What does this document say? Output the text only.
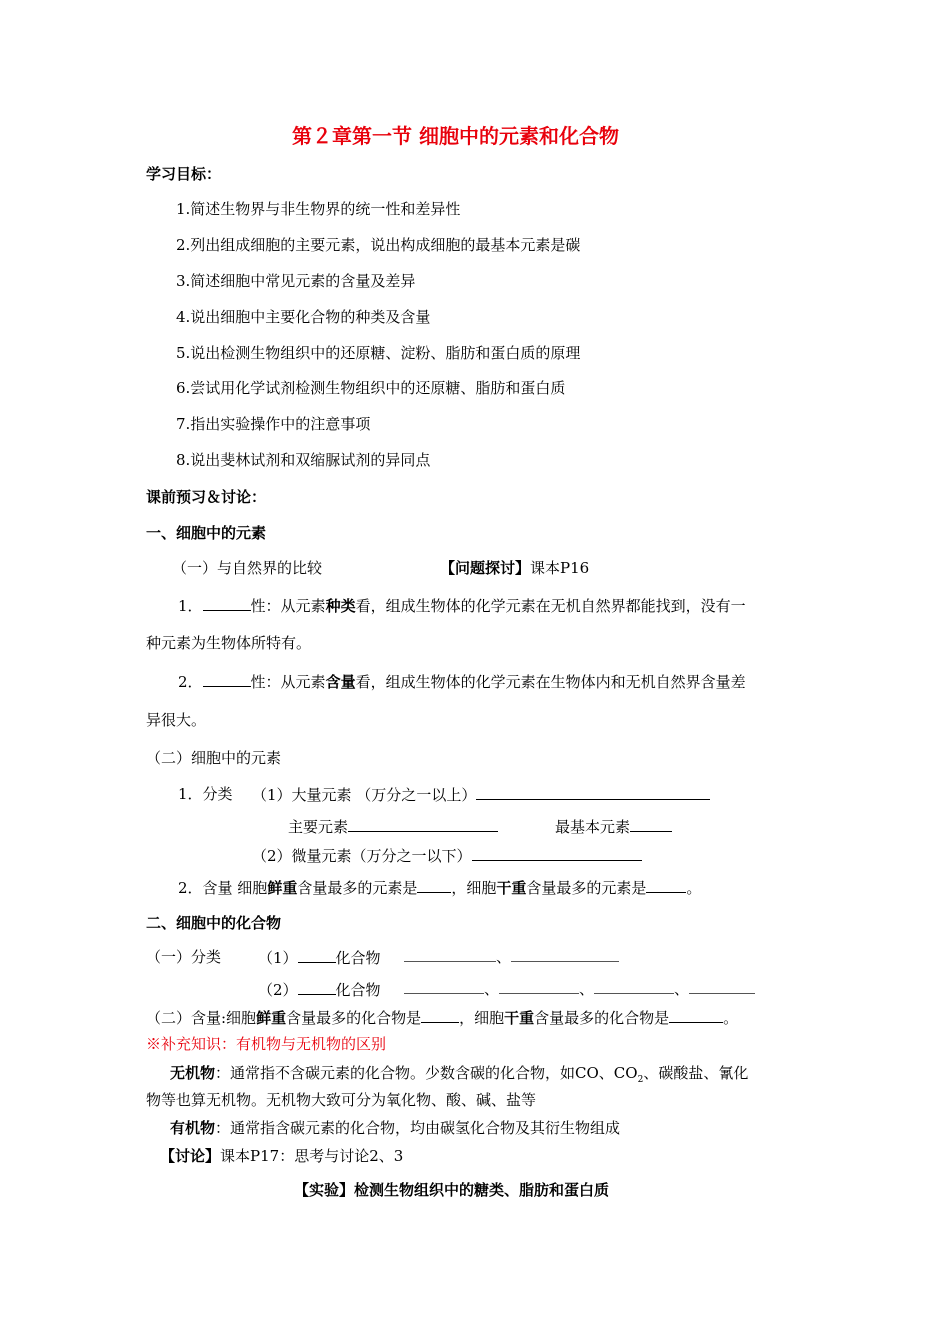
第２章第一节 细胞中的元素和化合物
学习目标：
1.简述生物界与非生物界的统一性和差异性
2.列出组成细胞的主要元素，说出构成细胞的最基本元素是碳
3.简述细胞中常见元素的含量及差异
4.说出细胞中主要化合物的种类及含量
5.说出检测生物组织中的还原糖、淀粉、脂肪和蛋白质的原理
6.尝试用化学试剂检测生物组织中的还原糖、脂肪和蛋白质
7.指出实验操作中的注意事项
8.说出斐林试剂和双缩脲试剂的异同点
课前预习＆讨论：
一、细胞中的元素
（一）与自然界的比较	【问题探讨】课本P16
1．	性：从元素种类看，组成生物体的化学元素在无机自然界都能找到，没有一
种元素为生物体所特有。
2．	性：从元素含量看，组成生物体的化学元素在生物体内和无机自然界含量差
异很大。
（二）细胞中的元素
1．分类 （1）大量元素 （万分之一以上）
主要元素	最基本元素
（2）微量元素（万分之一以下）
2．含量 细胞鲜重含量最多的元素是 ，细胞干重含量最多的元素是	。
二、细胞中的化合物
（一）分类 （1）	化合物	、
（2）	化合物	、	、	、
（二）含量:细胞鲜重含量最多的化合物是	，细胞干重含量最多的化合物是	。
※补充知识：有机物与无机物的区别
无机物：通常指不含碳元素的化合物。少数含碳的化合物，如CO、$CO_2$、碳酸盐、氰化
物等也算无机物。无机物大致可分为氧化物、酸、碱、盐等
有机物：通常指含碳元素的化合物，均由碳氢化合物及其衍生物组成
【讨论】课本P17：思考与讨论2、3
【实验】检测生物组织中的糖类、脂肪和蛋白质
